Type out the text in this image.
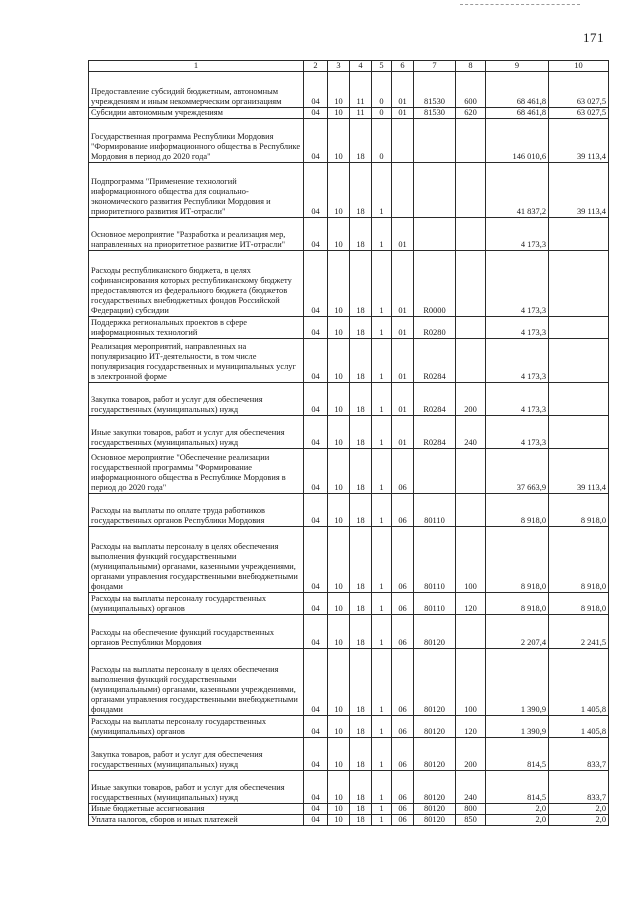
171
1	2	3	4	5	6	7	8	9	10
Предоставление субсидий бюджетным, автономным учреждениям и иным некоммерческим организациям	04	10	11	0	01	81530	600	68 461,8	63 027,5
Субсидии автономным учреждениям	04	10	11	0	01	81530	620	68 461,8	63 027,5
Государственная программа Республики Мордовия "Формирование информационного общества в Республике Мордовия в период до 2020 года"	04	10	18	0				146 010,6	39 113,4
Подпрограмма "Применение технологий информационного общества для социально-экономического развития Республики Мордовия и приоритетного развития ИТ-отрасли"	04	10	18	1				41 837,2	39 113,4
Основное мероприятие "Разработка и реализация мер, направленных на приоритетное развитие ИТ-отрасли"	04	10	18	1	01			4 173,3	
Расходы республиканского бюджета, в целях софинансирования которых республиканскому бюджету предоставляются из федерального бюджета (бюджетов государственных внебюджетных фондов Российской Федерации) субсидии	04	10	18	1	01	R0000		4 173,3	
Поддержка региональных проектов в сфере информационных технологий	04	10	18	1	01	R0280		4 173,3	
Реализация мероприятий, направленных на популяризацию ИТ-деятельности, в том числе популяризация государственных и муниципальных услуг в электронной форме	04	10	18	1	01	R0284		4 173,3	
Закупка товаров, работ и услуг для обеспечения государственных (муниципальных) нужд	04	10	18	1	01	R0284	200	4 173,3	
Иные закупки товаров, работ и услуг для обеспечения государственных (муниципальных) нужд	04	10	18	1	01	R0284	240	4 173,3	
Основное мероприятие "Обеспечение реализации государственной программы "Формирование информационного общества в Республике Мордовия в период до 2020 года"	04	10	18	1	06			37 663,9	39 113,4
Расходы на выплаты по оплате труда работников государственных органов Республики Мордовия	04	10	18	1	06	80110		8 918,0	8 918,0
Расходы на выплаты персоналу в целях обеспечения выполнения функций государственными (муниципальными) органами, казенными учреждениями, органами управления государственными внебюджетными фондами	04	10	18	1	06	80110	100	8 918,0	8 918,0
Расходы на выплаты персоналу государственных (муниципальных) органов	04	10	18	1	06	80110	120	8 918,0	8 918,0
Расходы на обеспечение функций государственных органов Республики Мордовия	04	10	18	1	06	80120		2 207,4	2 241,5
Расходы на выплаты персоналу в целях обеспечения выполнения функций государственными (муниципальными) органами, казенными учреждениями, органами управления государственными внебюджетными фондами	04	10	18	1	06	80120	100	1 390,9	1 405,8
Расходы на выплаты персоналу государственных (муниципальных) органов	04	10	18	1	06	80120	120	1 390,9	1 405,8
Закупка товаров, работ и услуг для обеспечения государственных (муниципальных) нужд	04	10	18	1	06	80120	200	814,5	833,7
Иные закупки товаров, работ и услуг для обеспечения государственных (муниципальных) нужд	04	10	18	1	06	80120	240	814,5	833,7
Иные бюджетные ассигнования	04	10	18	1	06	80120	800	2,0	2,0
Уплата налогов, сборов и иных платежей	04	10	18	1	06	80120	850	2,0	2,0
